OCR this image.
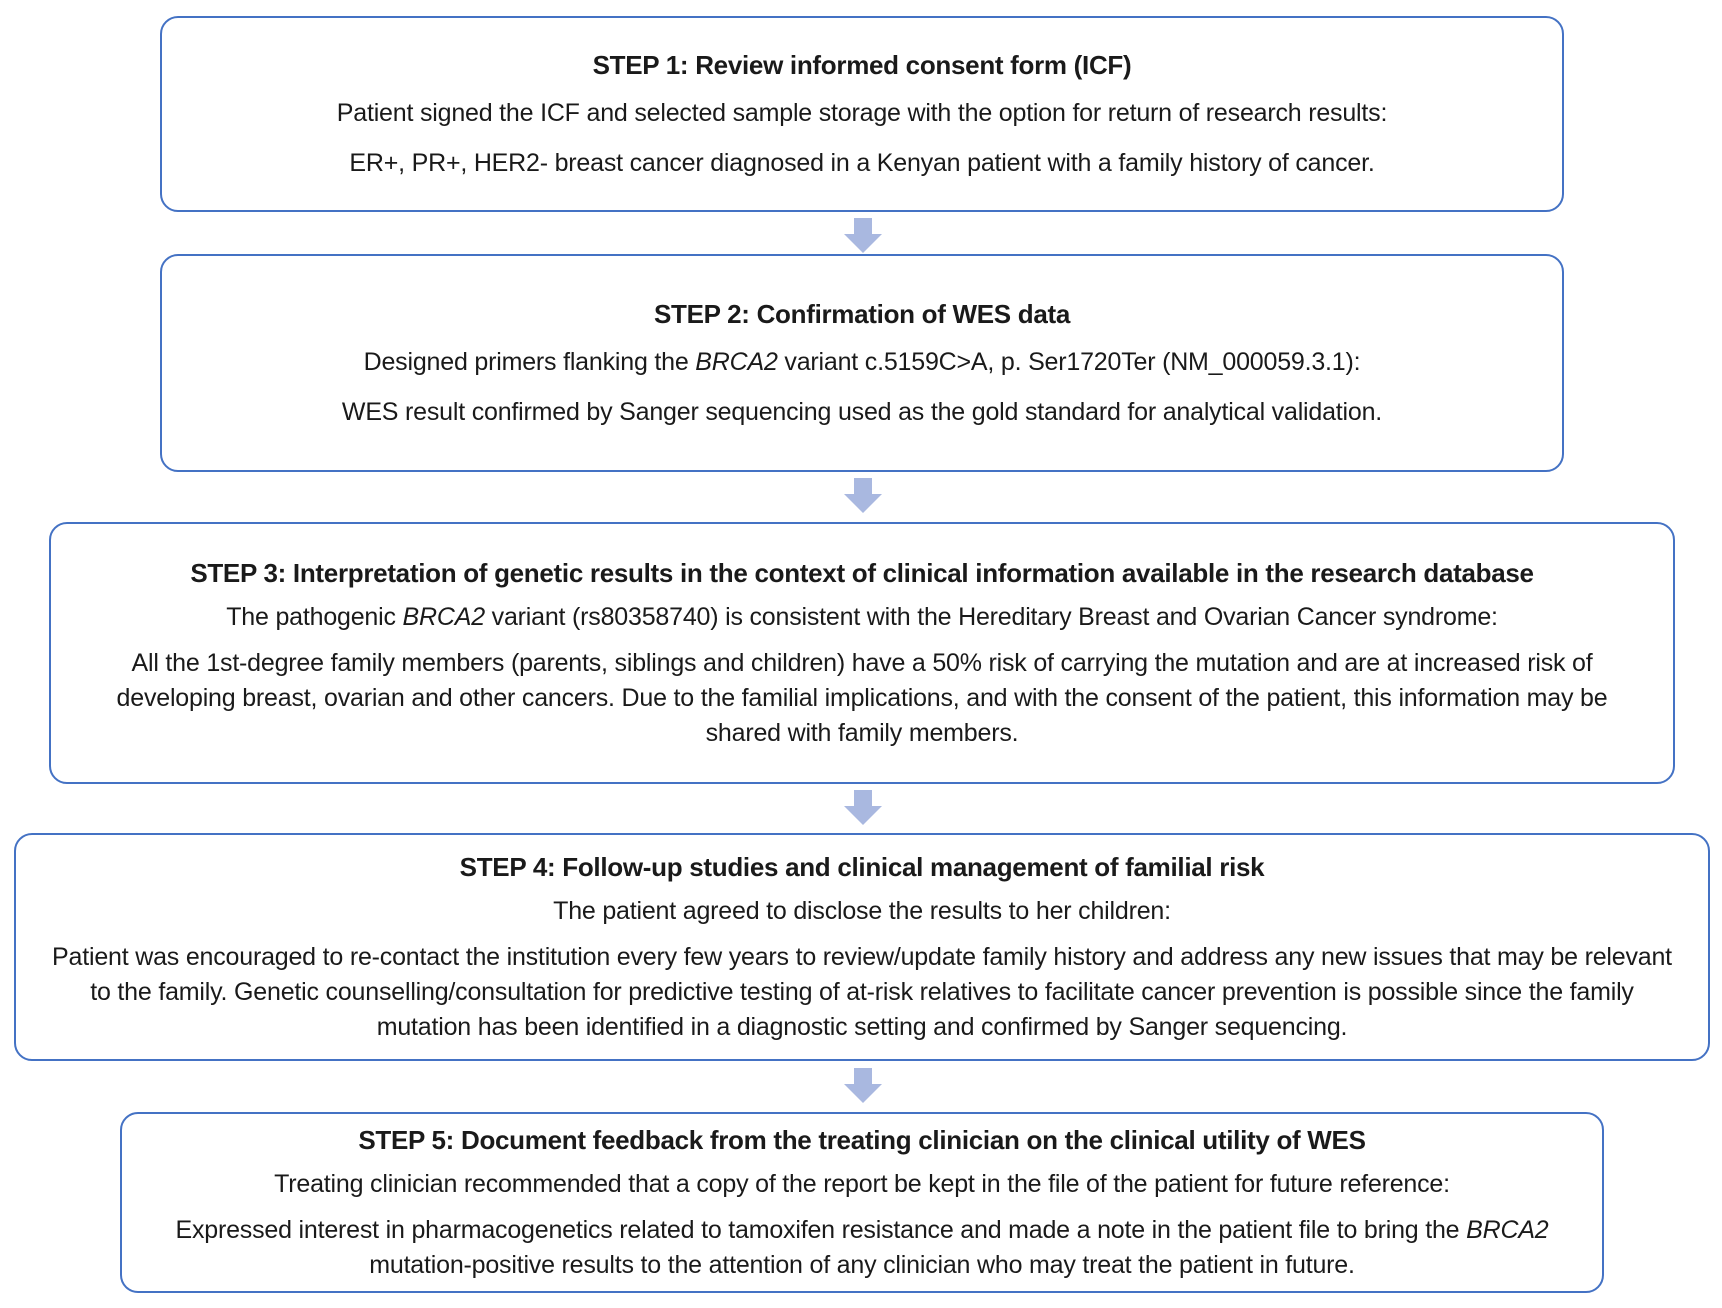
STEP 1: Review informed consent form (ICF)
Patient signed the ICF and selected sample storage with the option for return of research results:
ER+, PR+, HER2- breast cancer diagnosed in a Kenyan patient with a family history of cancer.
STEP 2: Confirmation of WES data
Designed primers flanking the BRCA2 variant c.5159C>A, p. Ser1720Ter (NM_000059.3.1):
WES result confirmed by Sanger sequencing used as the gold standard for analytical validation.
STEP 3: Interpretation of genetic results in the context of clinical information available in the research database
The pathogenic BRCA2 variant (rs80358740) is consistent with the Hereditary Breast and Ovarian Cancer syndrome:
All the 1st-degree family members (parents, siblings and children) have a 50% risk of carrying the mutation and are at increased risk of developing breast, ovarian and other cancers. Due to the familial implications, and with the consent of the patient, this information may be shared with family members.
STEP 4: Follow-up studies and clinical management of familial risk
The patient agreed to disclose the results to her children:
Patient was encouraged to re-contact the institution every few years to review/update family history and address any new issues that may be relevant to the family. Genetic counselling/consultation for predictive testing of at-risk relatives to facilitate cancer prevention is possible since the family mutation has been identified in a diagnostic setting and confirmed by Sanger sequencing.
STEP 5: Document feedback from the treating clinician on the clinical utility of WES
Treating clinician recommended that a copy of the report be kept in the file of the patient for future reference:
Expressed interest in pharmacogenetics related to tamoxifen resistance and made a note in the patient file to bring the BRCA2 mutation-positive results to the attention of any clinician who may treat the patient in future.
